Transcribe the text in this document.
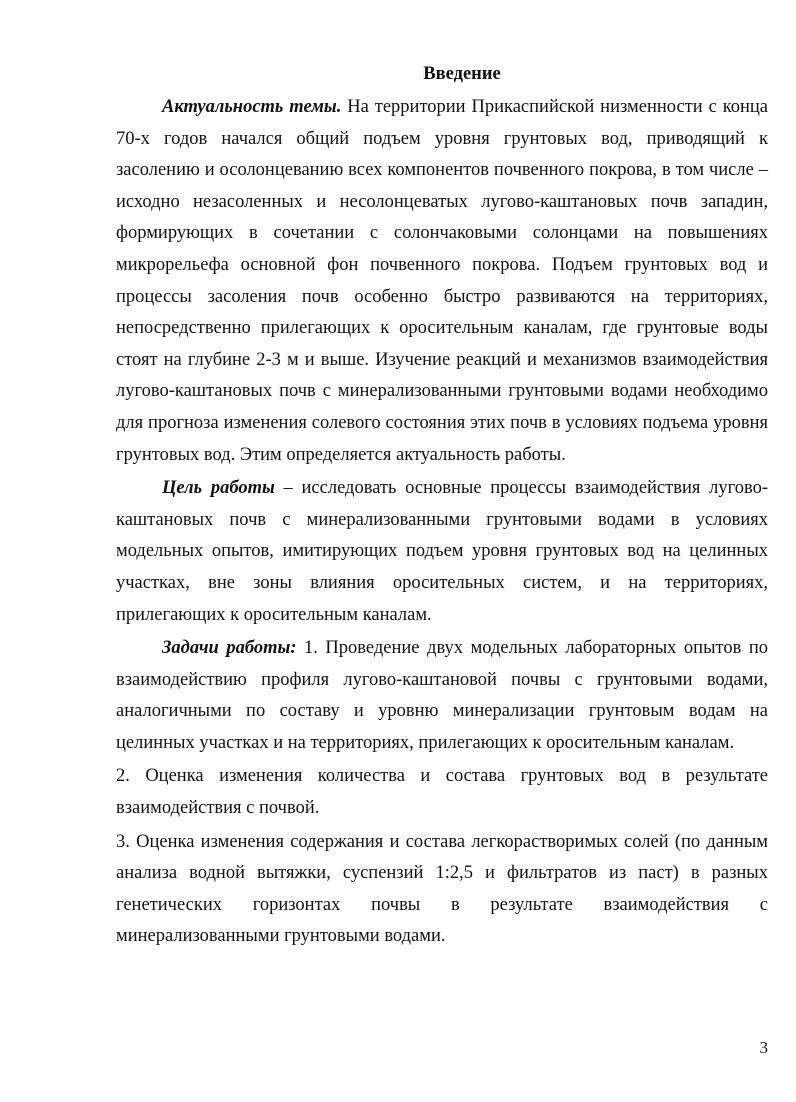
Введение

Актуальность темы. На территории Прикаспийской низменности с конца 70-х годов начался общий подъем уровня грунтовых вод, приводящий к засолению и осолонцеванию всех компонентов почвенного покрова, в том числе – исходно незасоленных и несолонцеватых лугово-каштановых почв западин, формирующих в сочетании с солончаковыми солонцами на повышениях микрорельефа основной фон почвенного покрова. Подъем грунтовых вод и процессы засоления почв особенно быстро развиваются на территориях, непосредственно прилегающих к оросительным каналам, где грунтовые воды стоят на глубине 2-3 м и выше. Изучение реакций и механизмов взаимодействия лугово-каштановых почв с минерализованными грунтовыми водами необходимо для прогноза изменения солевого состояния этих почв в условиях подъема уровня грунтовых вод. Этим определяется актуальность работы.

Цель работы – исследовать основные процессы взаимодействия лугово-каштановых почв с минерализованными грунтовыми водами в условиях модельных опытов, имитирующих подъем уровня грунтовых вод на целинных участках, вне зоны влияния оросительных систем, и на территориях, прилегающих к оросительным каналам.

Задачи работы: 1. Проведение двух модельных лабораторных опытов по взаимодействию профиля лугово-каштановой почвы с грунтовыми водами, аналогичными по составу и уровню минерализации грунтовым водам на целинных участках и на территориях, прилегающих к оросительным каналам.

2. Оценка изменения количества и состава грунтовых вод в результате взаимодействия с почвой.

3. Оценка изменения содержания и состава легкорастворимых солей (по данным анализа водной вытяжки, суспензий 1:2,5 и фильтратов из паст) в разных генетических горизонтах почвы в результате взаимодействия с минерализованными грунтовыми водами.

3
